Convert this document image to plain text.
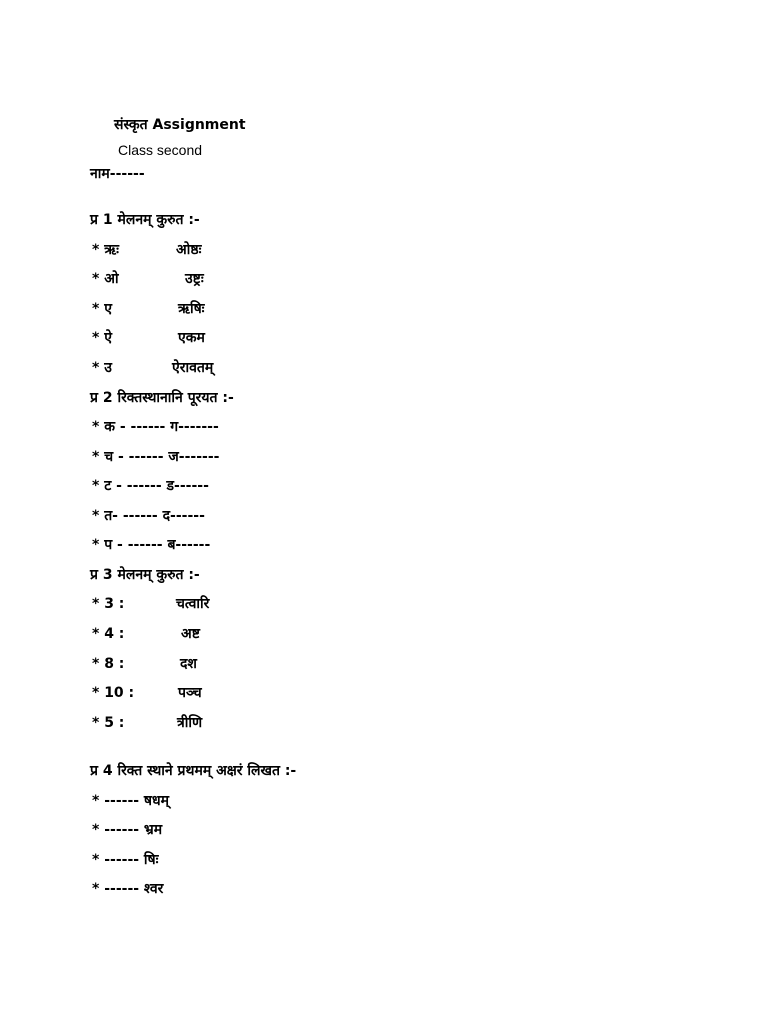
संस्कृत Assignment
Class second
नाम------
प्र 1 मेलनम् कुरुत :-
* ऋः	ओष्ठः
* ओ	उष्ट्रः
* ए	ऋषिः
* ऐ	एकम
* उ	ऐरावतम्
प्र 2 रिक्तस्थानानि पूरयत :-
* क - ------ ग-------
* च - ------ ज-------
* ट - ------ ड------
* त- ------ द------
* प - ------ ब------
प्र 3 मेलनम् कुरुत :-
* 3 :	चत्वारि
* 4 :	अष्ट
* 8 :	दश
* 10 :	पञ्च
* 5 :	त्रीणि
प्र 4 रिक्त स्थाने प्रथमम् अक्षरं लिखत :-
* ------ षधम्
* ------ भ्रम
* ------ षिः
* ------ श्वर
